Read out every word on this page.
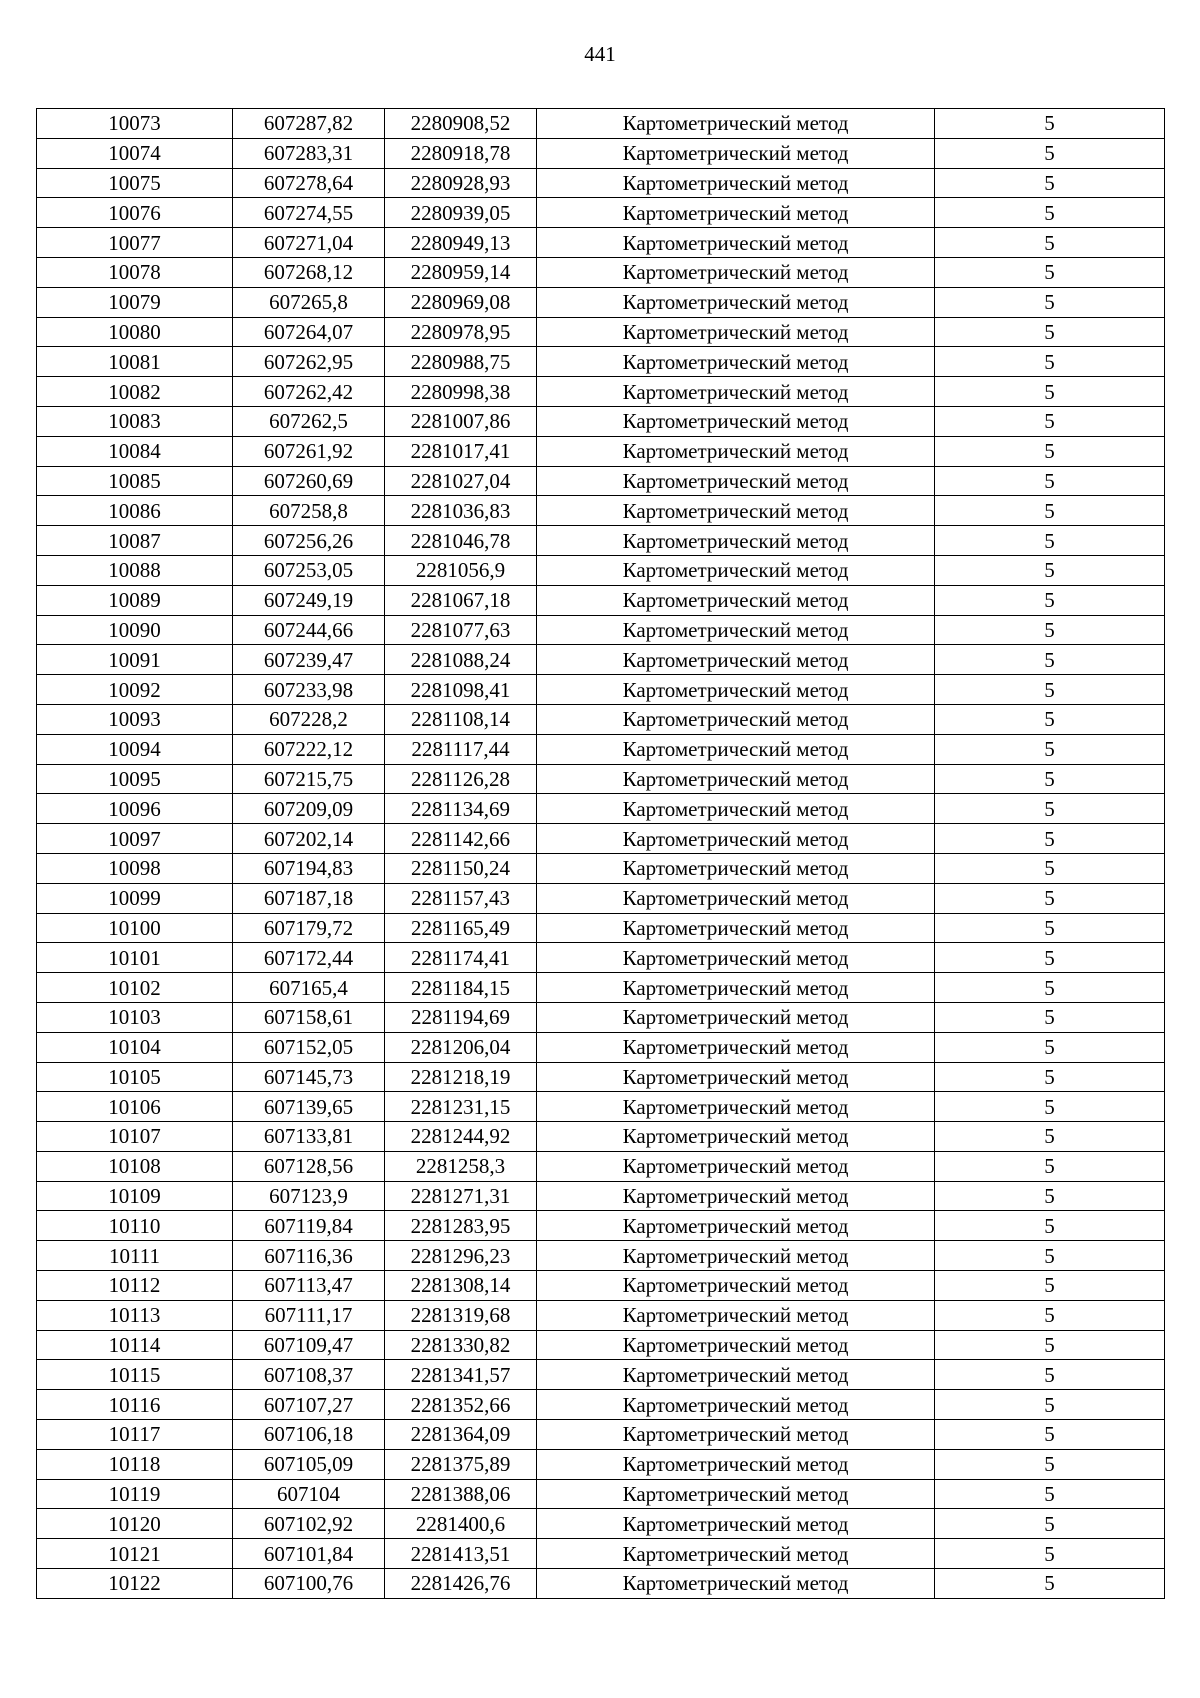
441
10073	607287,82	2280908,52	Картометрический метод	5
10074	607283,31	2280918,78	Картометрический метод	5
10075	607278,64	2280928,93	Картометрический метод	5
10076	607274,55	2280939,05	Картометрический метод	5
10077	607271,04	2280949,13	Картометрический метод	5
10078	607268,12	2280959,14	Картометрический метод	5
10079	607265,8	2280969,08	Картометрический метод	5
10080	607264,07	2280978,95	Картометрический метод	5
10081	607262,95	2280988,75	Картометрический метод	5
10082	607262,42	2280998,38	Картометрический метод	5
10083	607262,5	2281007,86	Картометрический метод	5
10084	607261,92	2281017,41	Картометрический метод	5
10085	607260,69	2281027,04	Картометрический метод	5
10086	607258,8	2281036,83	Картометрический метод	5
10087	607256,26	2281046,78	Картометрический метод	5
10088	607253,05	2281056,9	Картометрический метод	5
10089	607249,19	2281067,18	Картометрический метод	5
10090	607244,66	2281077,63	Картометрический метод	5
10091	607239,47	2281088,24	Картометрический метод	5
10092	607233,98	2281098,41	Картометрический метод	5
10093	607228,2	2281108,14	Картометрический метод	5
10094	607222,12	2281117,44	Картометрический метод	5
10095	607215,75	2281126,28	Картометрический метод	5
10096	607209,09	2281134,69	Картометрический метод	5
10097	607202,14	2281142,66	Картометрический метод	5
10098	607194,83	2281150,24	Картометрический метод	5
10099	607187,18	2281157,43	Картометрический метод	5
10100	607179,72	2281165,49	Картометрический метод	5
10101	607172,44	2281174,41	Картометрический метод	5
10102	607165,4	2281184,15	Картометрический метод	5
10103	607158,61	2281194,69	Картометрический метод	5
10104	607152,05	2281206,04	Картометрический метод	5
10105	607145,73	2281218,19	Картометрический метод	5
10106	607139,65	2281231,15	Картометрический метод	5
10107	607133,81	2281244,92	Картометрический метод	5
10108	607128,56	2281258,3	Картометрический метод	5
10109	607123,9	2281271,31	Картометрический метод	5
10110	607119,84	2281283,95	Картометрический метод	5
10111	607116,36	2281296,23	Картометрический метод	5
10112	607113,47	2281308,14	Картометрический метод	5
10113	607111,17	2281319,68	Картометрический метод	5
10114	607109,47	2281330,82	Картометрический метод	5
10115	607108,37	2281341,57	Картометрический метод	5
10116	607107,27	2281352,66	Картометрический метод	5
10117	607106,18	2281364,09	Картометрический метод	5
10118	607105,09	2281375,89	Картометрический метод	5
10119	607104	2281388,06	Картометрический метод	5
10120	607102,92	2281400,6	Картометрический метод	5
10121	607101,84	2281413,51	Картометрический метод	5
10122	607100,76	2281426,76	Картометрический метод	5
